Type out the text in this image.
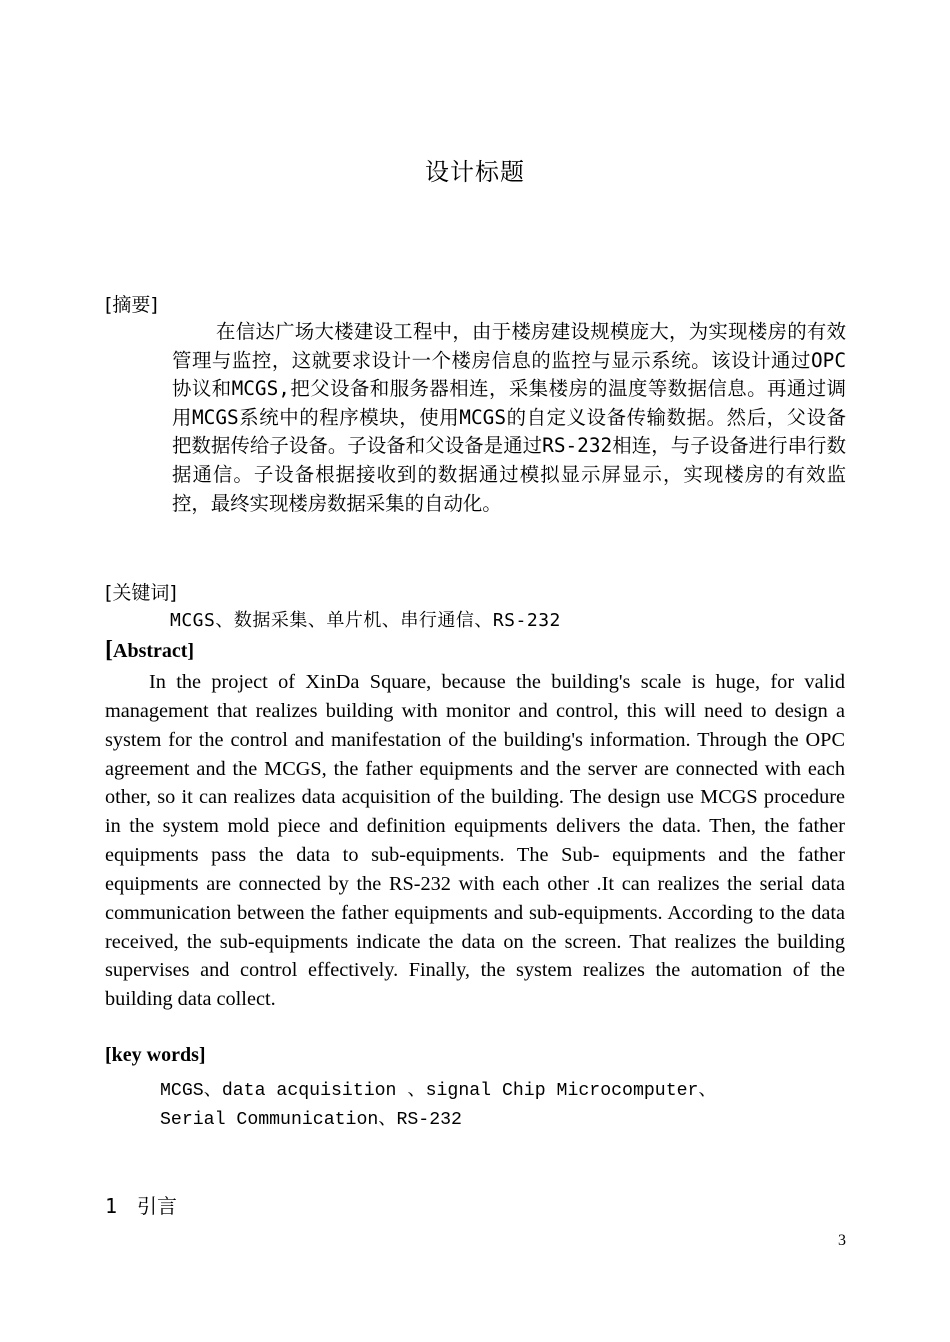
设计标题
[摘要]

在信达广场大楼建设工程中，由于楼房建设规模庞大，为实现楼房的有效管理与监控，这就要求设计一个楼房信息的监控与显示系统。该设计通过OPC协议和MCGS,把父设备和服务器相连，采集楼房的温度等数据信息。再通过调用MCGS系统中的程序模块，使用MCGS的自定义设备传输数据。然后，父设备把数据传给子设备。子设备和父设备是通过RS-232相连，与子设备进行串行数据通信。子设备根据接收到的数据通过模拟显示屏显示，实现楼房的有效监控，最终实现楼房数据采集的自动化。

[关键词]
MCGS、数据采集、单片机、串行通信、RS-232
[Abstract]

In the project of XinDa Square, because the building's scale is huge, for valid management that realizes building with monitor and control, this will need to design a system for the control and manifestation of the building's information. Through the OPC agreement and the MCGS, the father equipments and the server are connected with each other, so it can realizes data acquisition of the building. The design use MCGS procedure in the system mold piece and definition equipments delivers the data. Then, the father equipments pass the data to sub-equipments. The Sub- equipments and the father equipments are connected by the RS-232 with each other .It can realizes the serial data communication between the father equipments and sub-equipments. According to the data received, the sub-equipments indicate the data on the screen. That realizes the building supervises and control effectively. Finally, the system realizes the automation of the building data collect.

[key words]
MCGS、data acquisition 、signal Chip Microcomputer、
Serial Communication、RS-232
1 引言
3
